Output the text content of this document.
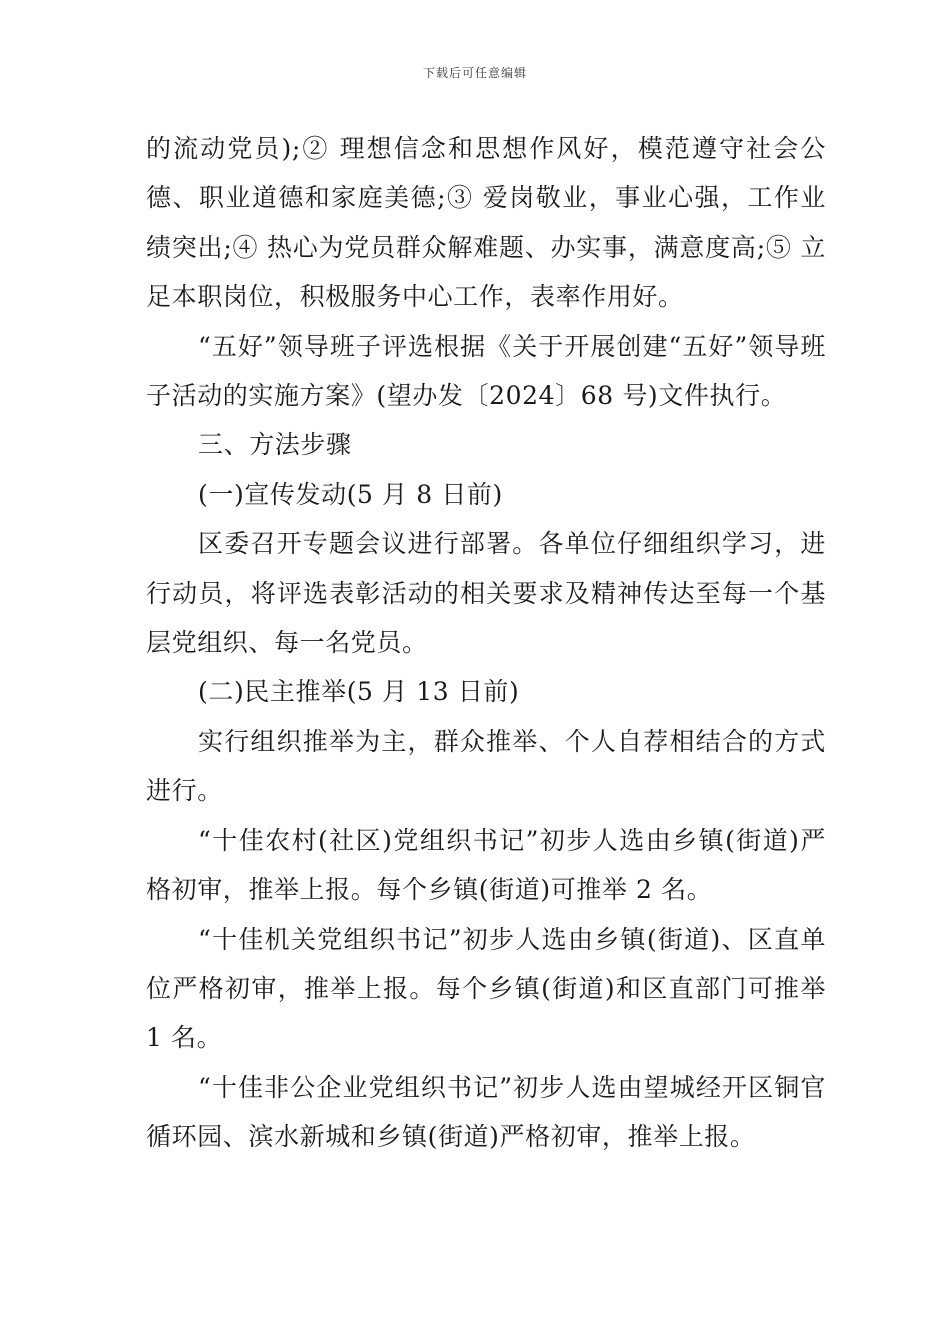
下载后可任意编辑

的流动党员);② 理想信念和思想作风好，模范遵守社会公德、职业道德和家庭美德;③ 爱岗敬业，事业心强，工作业绩突出;④ 热心为党员群众解难题、办实事，满意度高;⑤ 立足本职岗位，积极服务中心工作，表率作用好。

“五好”领导班子评选根据《关于开展创建“五好”领导班子活动的实施方案》(望办发〔2024〕68 号)文件执行。

三、方法步骤

(一)宣传发动(5 月 8 日前)

区委召开专题会议进行部署。各单位仔细组织学习，进行动员，将评选表彰活动的相关要求及精神传达至每一个基层党组织、每一名党员。

(二)民主推举(5 月 13 日前)

实行组织推举为主，群众推举、个人自荐相结合的方式进行。

“十佳农村(社区)党组织书记”初步人选由乡镇(街道)严格初审，推举上报。每个乡镇(街道)可推举 2 名。

“十佳机关党组织书记”初步人选由乡镇(街道)、区直单位严格初审，推举上报。每个乡镇(街道)和区直部门可推举 1 名。

“十佳非公企业党组织书记”初步人选由望城经开区铜官循环园、滨水新城和乡镇(街道)严格初审，推举上报。
